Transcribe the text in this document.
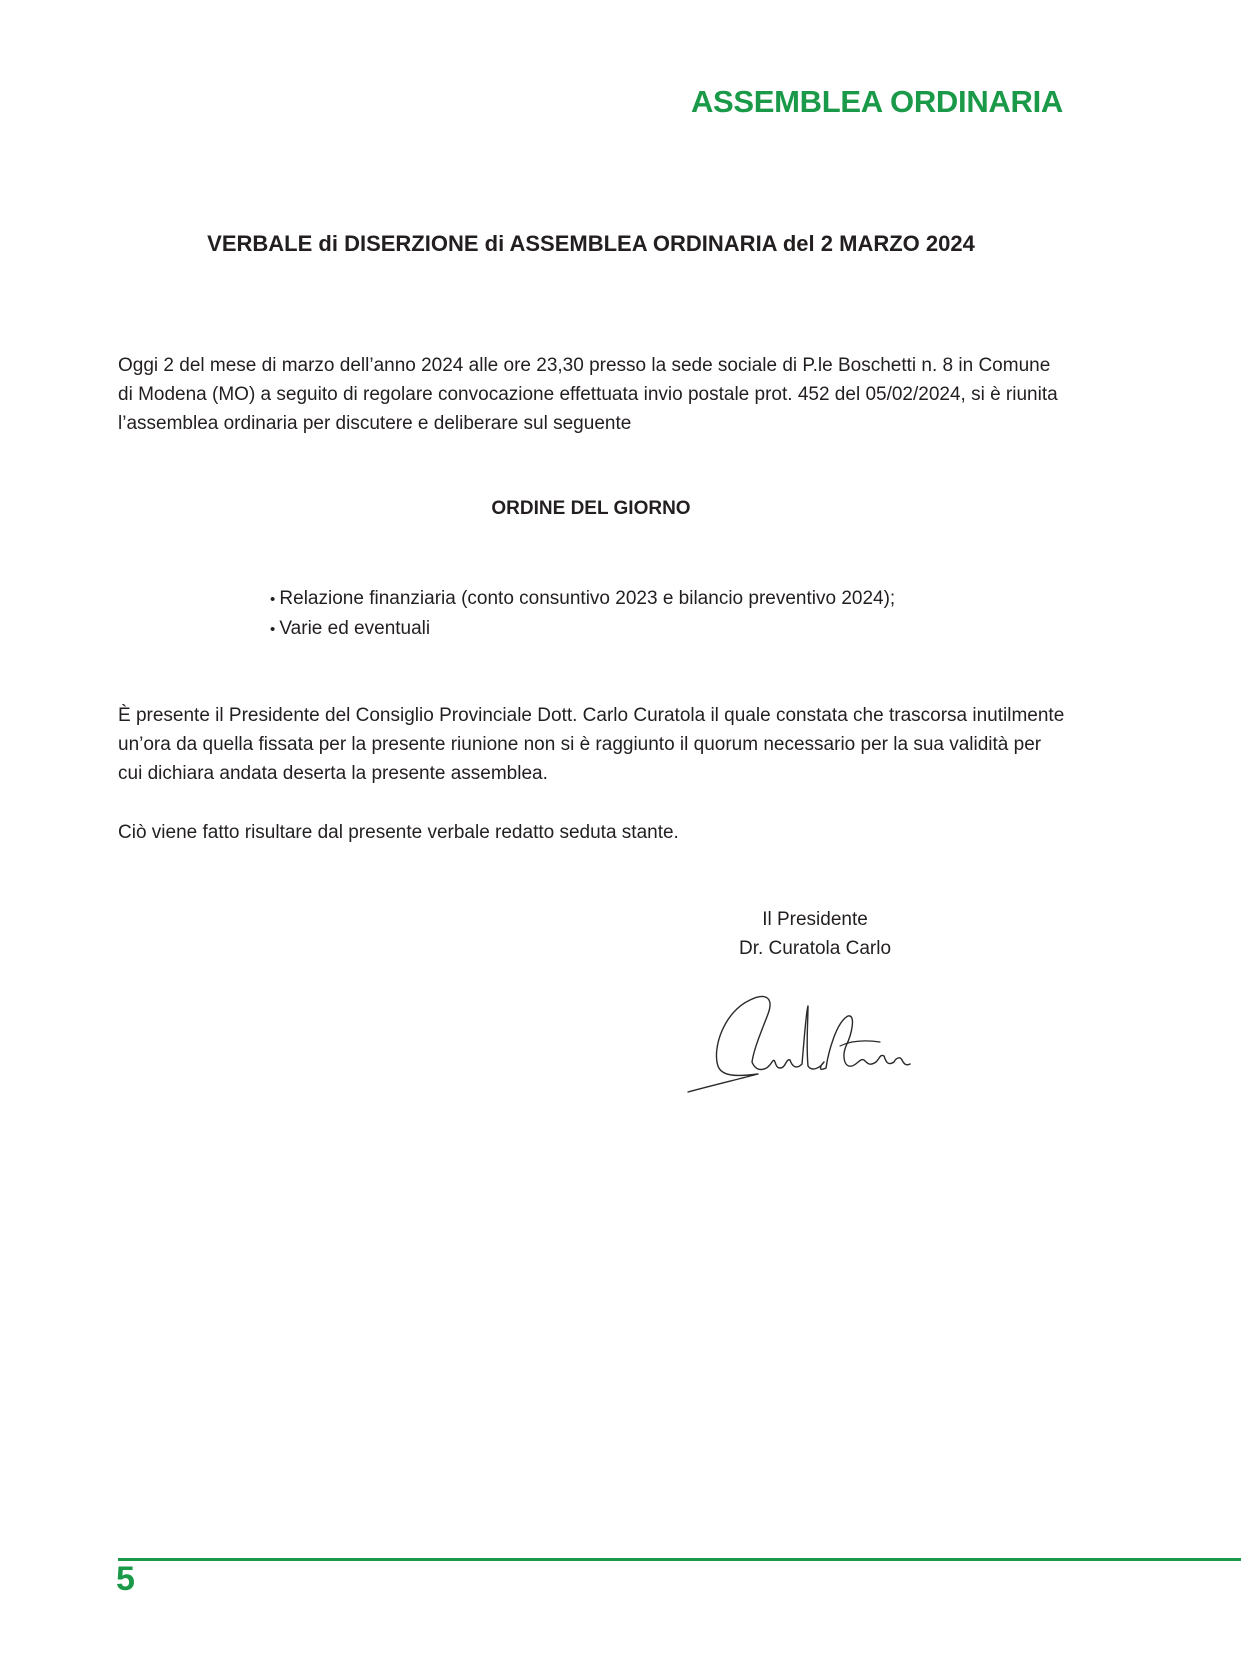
ASSEMBLEA ORDINARIA
VERBALE di DISERZIONE di ASSEMBLEA ORDINARIA del 2 MARZO 2024

Oggi 2 del mese di marzo dell’anno 2024 alle ore 23,30 presso la sede sociale di P.le Boschetti n. 8 in Comune di Modena (MO) a seguito di regolare convocazione effettuata invio postale prot. 452 del 05/02/2024, si è riunita l’assemblea ordinaria per discutere e deliberare sul seguente

ORDINE DEL GIORNO
• Relazione finanziaria (conto consuntivo 2023 e bilancio preventivo 2024);
• Varie ed eventuali

È presente il Presidente del Consiglio Provinciale Dott. Carlo Curatola il quale constata che trascorsa inutilmente un’ora da quella fissata per la presente riunione non si è raggiunto il quorum necessario per la sua validità per cui dichiara andata deserta la presente assemblea.

Ciò viene fatto risultare dal presente verbale redatto seduta stante.

Il Presidente
Dr. Curatola Carlo
5
